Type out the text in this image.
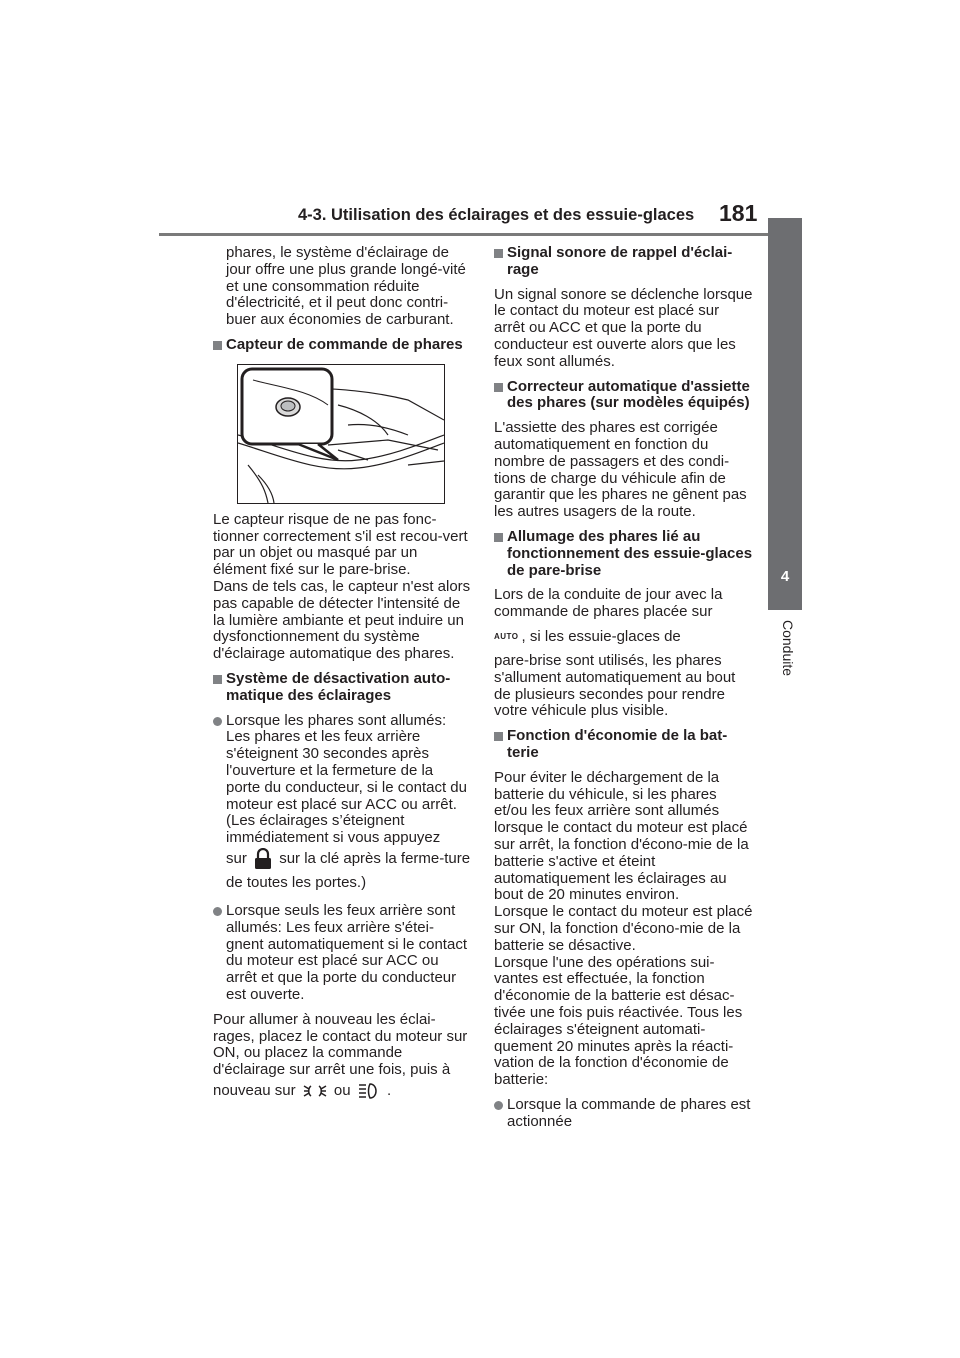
4-3. Utilisation des éclairages et des essuie-glaces 181
4
Conduite

phares, le système d'éclairage de jour offre une plus grande longé-vité et une consommation réduite d'électricité, et il peut donc contri-buer aux économies de carburant.

Capteur de commande de phares

Le capteur risque de ne pas fonc-tionner correctement s'il est recou-vert par un objet ou masqué par un élément fixé sur le pare-brise.

Dans de tels cas, le capteur n'est alors pas capable de détecter l'intensité de la lumière ambiante et peut induire un dysfonctionnement du système d'éclairage automatique des phares.

Système de désactivation auto-matique des éclairages
Lorsque les phares sont allumés: Les phares et les feux arrière s'éteignent 30 secondes après l'ouverture et la fermeture de la porte du conducteur, si le contact du moteur est placé sur ACC ou arrêt. (Les éclairages s’éteignent immédiatement si vous appuyez
sur sur la clé après la ferme-ture de toutes les portes.)
Lorsque seuls les feux arrière sont allumés: Les feux arrière s'étei-gnent automatiquement si le contact du moteur est placé sur ACC ou arrêt et que la porte du conducteur est ouverte.

Pour allumer à nouveau les éclai-rages, placez le contact du moteur sur ON, ou placez la commande d'éclairage sur arrêt une fois, puis à

nouveau sur	ou .
Signal sonore de rappel d'éclai-rage

Un signal sonore se déclenche lorsque le contact du moteur est placé sur arrêt ou ACC et que la porte du conducteur est ouverte alors que les feux sont allumés.

Correcteur automatique d'assiette des phares (sur modèles équipés)

L'assiette des phares est corrigée automatiquement en fonction du nombre de passagers et des condi-tions de charge du véhicule afin de garantir que les phares ne gênent pas les autres usagers de la route.

Allumage des phares lié au fonctionnement des essuie-glaces de pare-brise

Lors de la conduite de jour avec la commande de phares placée sur

AUTO , si les essuie-glaces de

pare-brise sont utilisés, les phares s'allument automatiquement au bout de plusieurs secondes pour rendre votre véhicule plus visible.

Fonction d'économie de la bat-terie

Pour éviter le déchargement de la batterie du véhicule, si les phares et/ou les feux arrière sont allumés lorsque le contact du moteur est placé sur arrêt, la fonction d'écono-mie de la batterie s'active et éteint automatiquement les éclairages au bout de 20 minutes environ.

Lorsque le contact du moteur est placé sur ON, la fonction d'écono-mie de la batterie se désactive.

Lorsque l'une des opérations sui-vantes est effectuée, la fonction d'économie de la batterie est désac-tivée une fois puis réactivée. Tous les éclairages s'éteignent automati-quement 20 minutes après la réacti-vation de la fonction d'économie de batterie:

Lorsque la commande de phares est actionnée
